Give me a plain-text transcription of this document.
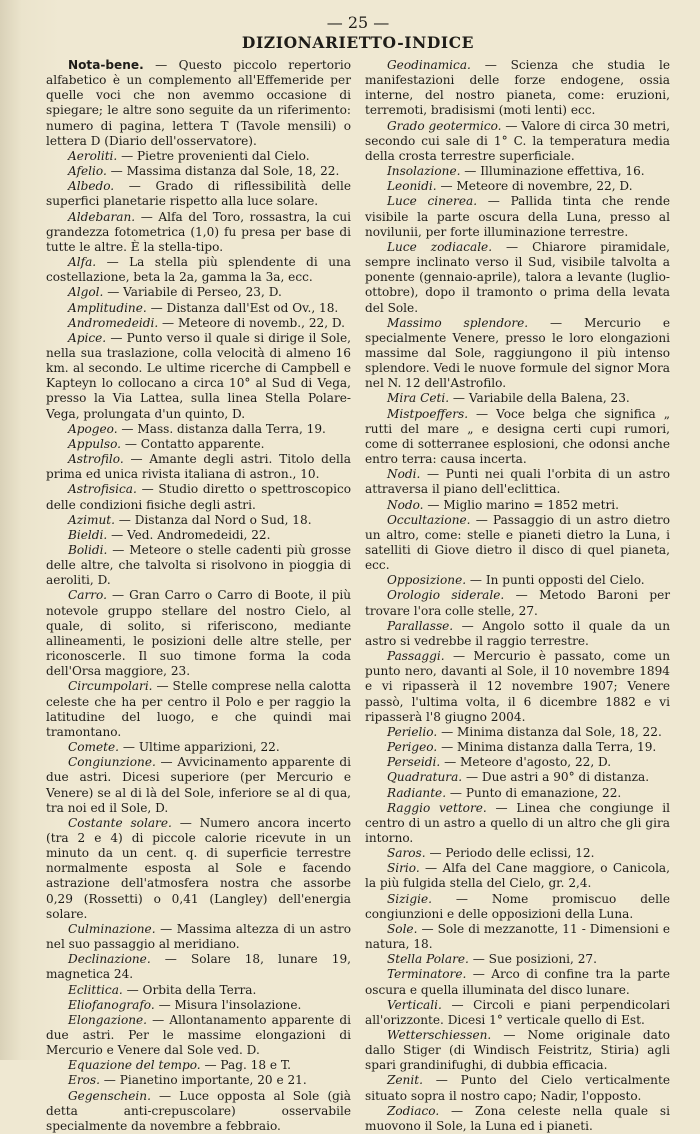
— 25 —
DIZIONARIETTO-INDICE

Nota-bene. — Questo piccolo repertorio alfabetico è un complemento all'Effemeride per quelle voci che non avemmo occasione di spiegare; le altre sono seguite da un riferimento: numero di pagina, lettera T (Tavole mensili) o lettera D (Diario dell'osservatore).

Aeroliti. — Pietre provenienti dal Cielo.

Afelio. — Massima distanza dal Sole, 18, 22.

Albedo. — Grado di riflessibilità delle superfici planetarie rispetto alla luce solare.

Aldebaran. — Alfa del Toro, rossastra, la cui grandezza fotometrica (1,0) fu presa per base di tutte le altre. È la stella-tipo.

Alfa. — La stella più splendente di una costellazione, beta la 2a, gamma la 3a, ecc.

Algol. — Variabile di Perseo, 23, D.

Amplitudine. — Distanza dall'Est od Ov., 18.

Andromedeidi. — Meteore di novemb., 22, D.

Apice. — Punto verso il quale si dirige il Sole, nella sua traslazione, colla velocità di almeno 16 km. al secondo. Le ultime ricerche di Campbell e Kapteyn lo collocano a circa 10° al Sud di Vega, presso la Via Lattea, sulla linea Stella Polare-Vega, prolungata d'un quinto, D.

Apogeo. — Mass. distanza dalla Terra, 19.

Appulso. — Contatto apparente.

Astrofilo. — Amante degli astri. Titolo della prima ed unica rivista italiana di astron., 10.

Astrofisica. — Studio diretto o spettroscopico delle condizioni fisiche degli astri.

Azimut. — Distanza dal Nord o Sud, 18.

Bieldi. — Ved. Andromedeidi, 22.

Bolidi. — Meteore o stelle cadenti più grosse delle altre, che talvolta si risolvono in pioggia di aeroliti, D.

Carro. — Gran Carro o Carro di Boote, il più notevole gruppo stellare del nostro Cielo, al quale, di solito, si riferiscono, mediante allineamenti, le posizioni delle altre stelle, per riconoscerle. Il suo timone forma la coda dell'Orsa maggiore, 23.

Circumpolari. — Stelle comprese nella calotta celeste che ha per centro il Polo e per raggio la latitudine del luogo, e che quindi mai tramontano.

Comete. — Ultime apparizioni, 22.

Congiunzione. — Avvicinamento apparente di due astri. Dicesi superiore (per Mercurio e Venere) se al di là del Sole, inferiore se al di qua, tra noi ed il Sole, D.

Costante solare. — Numero ancora incerto (tra 2 e 4) di piccole calorie ricevute in un minuto da un cent. q. di superficie terrestre normalmente esposta al Sole e facendo astrazione dell'atmosfera nostra che assorbe 0,29 (Rossetti) o 0,41 (Langley) dell'energia solare.

Culminazione. — Massima altezza di un astro nel suo passaggio al meridiano.

Declinazione. — Solare 18, lunare 19, magnetica 24.

Eclittica. — Orbita della Terra.

Eliofanografo. — Misura l'insolazione.

Elongazione. — Allontanamento apparente di due astri. Per le massime elongazioni di Mercurio e Venere dal Sole ved. D.

Equazione del tempo. — Pag. 18 e T.

Eros. — Pianetino importante, 20 e 21.

Gegenschein. — Luce opposta al Sole (già detta anti-crepuscolare) osservabile specialmente da novembre a febbraio.

Geodinamica. — Scienza che studia le manifestazioni delle forze endogene, ossia interne, del nostro pianeta, come: eruzioni, terremoti, bradisismi (moti lenti) ecc.

Grado geotermico. — Valore di circa 30 metri, secondo cui sale di 1° C. la temperatura media della crosta terrestre superficiale.

Insolazione. — Illuminazione effettiva, 16.

Leonidi. — Meteore di novembre, 22, D.

Luce cinerea. — Pallida tinta che rende visibile la parte oscura della Luna, presso al novilunii, per forte illuminazione terrestre.

Luce zodiacale. — Chiarore piramidale, sempre inclinato verso il Sud, visibile talvolta a ponente (gennaio-aprile), talora a levante (luglio-ottobre), dopo il tramonto o prima della levata del Sole.

Massimo splendore. — Mercurio e specialmente Venere, presso le loro elongazioni massime dal Sole, raggiungono il più intenso splendore. Vedi le nuove formule del signor Mora nel N. 12 dell'Astrofilo.

Mira Ceti. — Variabile della Balena, 23.

Mistpoeffers. — Voce belga che significa „ rutti del mare „ e designa certi cupi rumori, come di sotterranee esplosioni, che odonsi anche entro terra: causa incerta.

Nodi. — Punti nei quali l'orbita di un astro attraversa il piano dell'eclittica.

Nodo. — Miglio marino = 1852 metri.

Occultazione. — Passaggio di un astro dietro un altro, come: stelle e pianeti dietro la Luna, i satelliti di Giove dietro il disco di quel pianeta, ecc.

Opposizione. — In punti opposti del Cielo.

Orologio siderale. — Metodo Baroni per trovare l'ora colle stelle, 27.

Parallasse. — Angolo sotto il quale da un astro si vedrebbe il raggio terrestre.

Passaggi. — Mercurio è passato, come un punto nero, davanti al Sole, il 10 novembre 1894 e vi ripasserà il 12 novembre 1907; Venere passò, l'ultima volta, il 6 dicembre 1882 e vi ripasserà l'8 giugno 2004.

Perielio. — Minima distanza dal Sole, 18, 22.

Perigeo. — Minima distanza dalla Terra, 19.

Perseidi. — Meteore d'agosto, 22, D.

Quadratura. — Due astri a 90° di distanza.

Radiante. — Punto di emanazione, 22.

Raggio vettore. — Linea che congiunge il centro di un astro a quello di un altro che gli gira intorno.

Saros. — Periodo delle eclissi, 12.

Sirio. — Alfa del Cane maggiore, o Canicola, la più fulgida stella del Cielo, gr. 2,4.

Sizigie. — Nome promiscuo delle congiunzioni e delle opposizioni della Luna.

Sole. — Sole di mezzanotte, 11 - Dimensioni e natura, 18.

Stella Polare. — Sue posizioni, 27.

Terminatore. — Arco di confine tra la parte oscura e quella illuminata del disco lunare.

Verticali. — Circoli e piani perpendicolari all'orizzonte. Dicesi 1° verticale quello di Est.

Wetterschiessen. — Nome originale dato dallo Stiger (di Windisch Feistritz, Stiria) agli spari grandinifughi, di dubbia efficacia.

Zenit. — Punto del Cielo verticalmente situato sopra il nostro capo; Nadir, l'opposto.

Zodiaco. — Zona celeste nella quale si muovono il Sole, la Luna ed i pianeti.
